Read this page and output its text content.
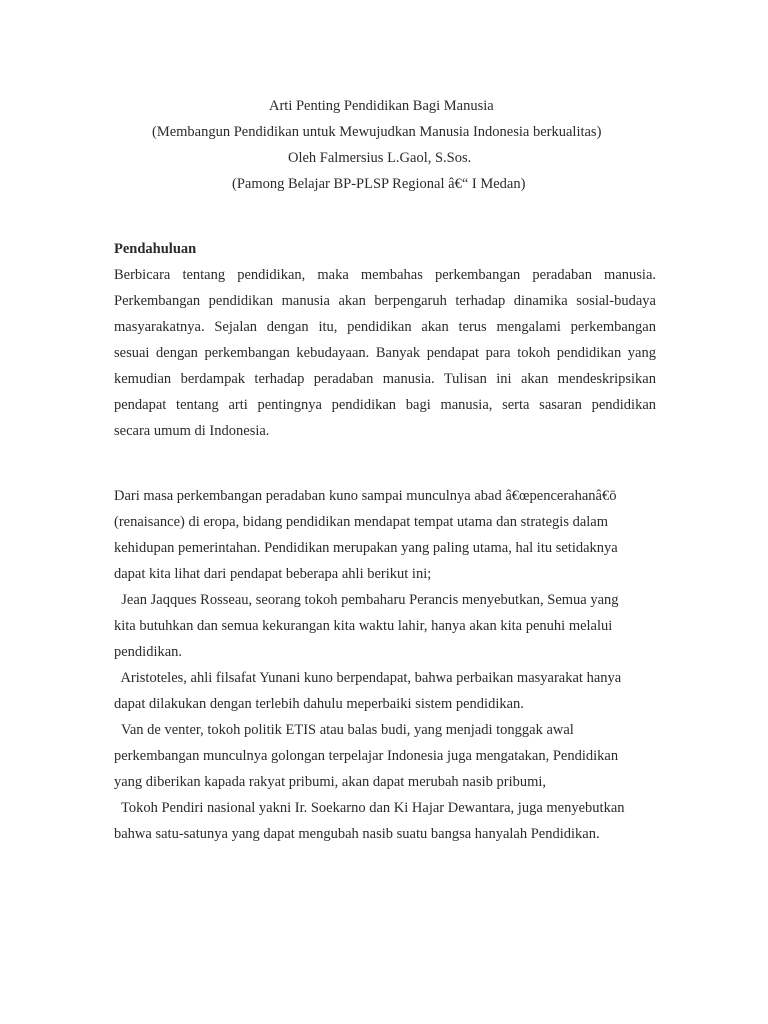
Arti Penting Pendidikan Bagi Manusia
(Membangun Pendidikan untuk Mewujudkan Manusia Indonesia berkualitas)
Oleh Falmersius L.Gaol, S.Sos.
(Pamong Belajar BP-PLSP Regional â€“ I Medan)
Pendahuluan
Berbicara tentang pendidikan, maka membahas perkembangan peradaban manusia.
Perkembangan pendidikan manusia akan berpengaruh terhadap dinamika sosial-budaya
masyarakatnya. Sejalan dengan itu, pendidikan akan terus mengalami perkembangan
sesuai dengan perkembangan kebudayaan. Banyak pendapat para tokoh pendidikan yang
kemudian berdampak terhadap peradaban manusia. Tulisan ini akan mendeskripsikan
pendapat tentang arti pentingnya pendidikan bagi manusia, serta sasaran pendidikan
secara umum di Indonesia.
Dari masa perkembangan peradaban kuno sampai munculnya abad â€œpencerahanâ€ō
(renaisance) di eropa, bidang pendidikan mendapat tempat utama dan strategis dalam
kehidupan pemerintahan. Pendidikan merupakan yang paling utama, hal itu setidaknya
dapat kita lihat dari pendapat beberapa ahli berikut ini;
Jean Jaqques Rosseau, seorang tokoh pembaharu Perancis menyebutkan, Semua yang
kita butuhkan dan semua kekurangan kita waktu lahir, hanya akan kita penuhi melalui
pendidikan.
Aristoteles, ahli filsafat Yunani kuno berpendapat, bahwa perbaikan masyarakat hanya
dapat dilakukan dengan terlebih dahulu meperbaiki sistem pendidikan.
Van de venter, tokoh politik ETIS atau balas budi, yang menjadi tonggak awal
perkembangan munculnya golongan terpelajar Indonesia juga mengatakan, Pendidikan
yang diberikan kapada rakyat pribumi, akan dapat merubah nasib pribumi,
Tokoh Pendiri nasional yakni Ir. Soekarno dan Ki Hajar Dewantara, juga menyebutkan
bahwa satu-satunya yang dapat mengubah nasib suatu bangsa hanyalah Pendidikan.
